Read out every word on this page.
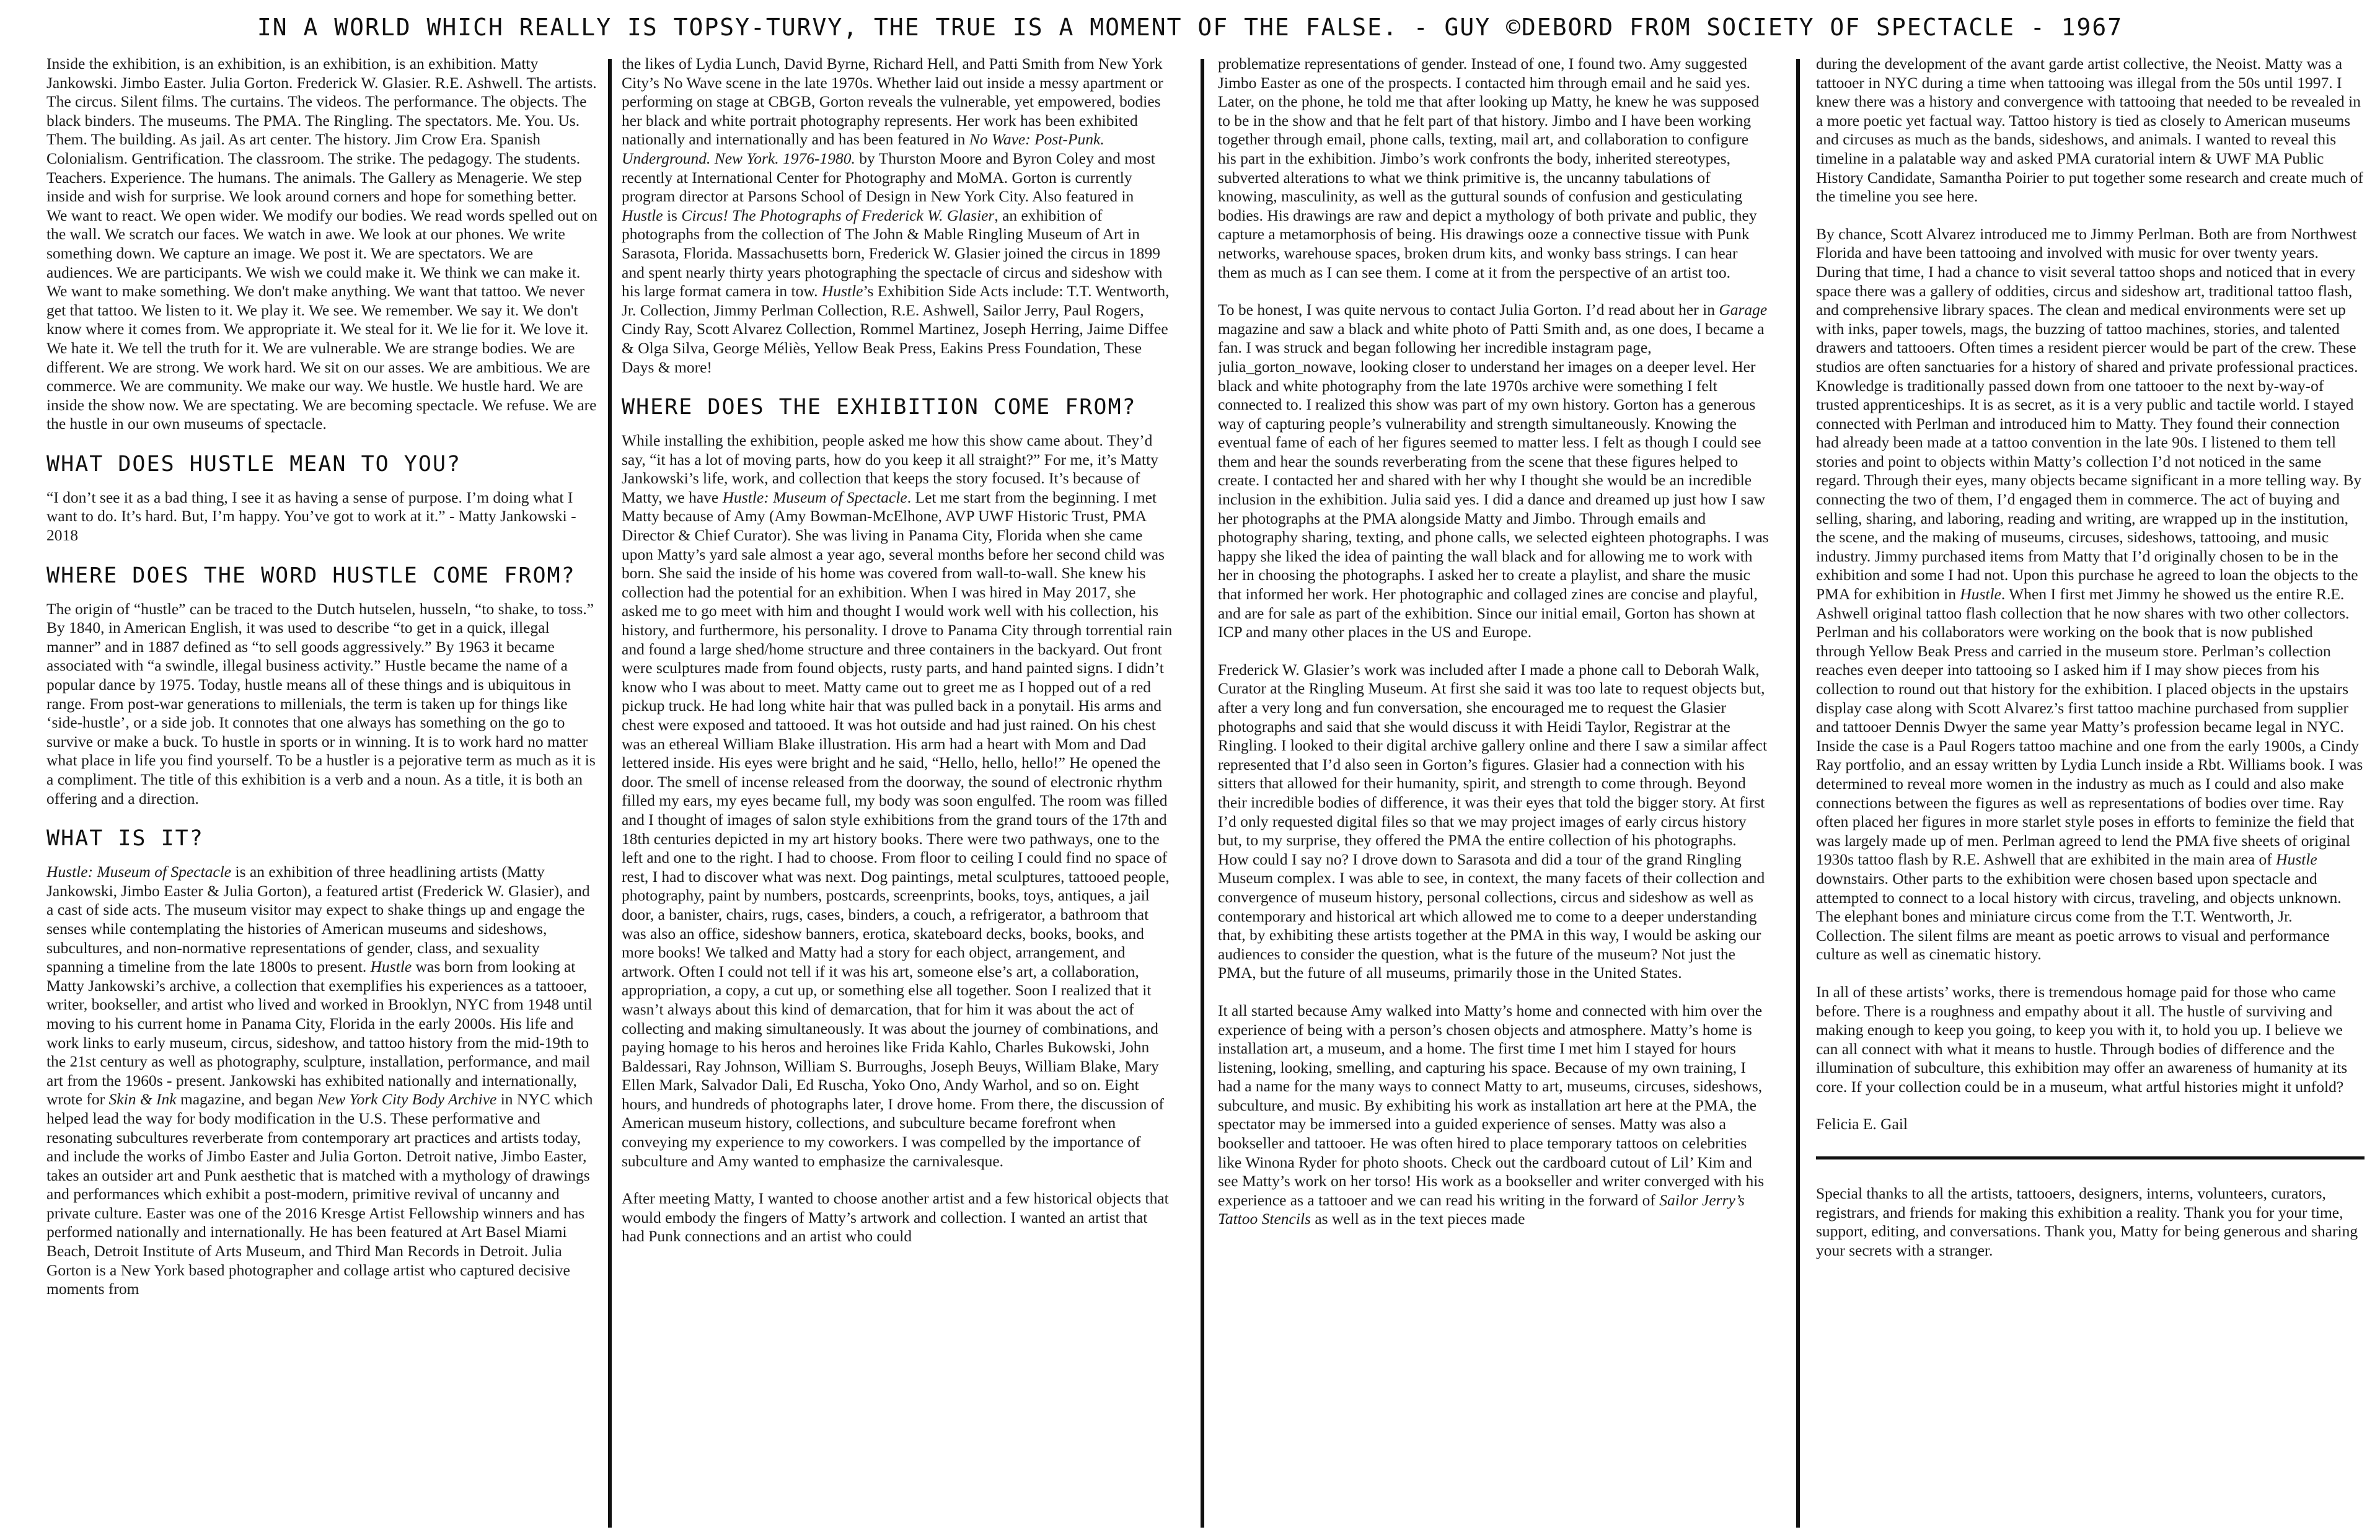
IN A WORLD WHICH REALLY IS TOPSY-TURVY, THE TRUE IS A MOMENT OF THE FALSE. - GUY ©DEBORD FROM SOCIETY OF SPECTACLE - 1967

Inside the exhibition, is an exhibition, is an exhibition, is an exhibition. Matty Jankowski. Jimbo Easter. Julia Gorton. Frederick W. Glasier. R.E. Ashwell. The artists. The circus. Silent films. The curtains. The videos. The performance. The objects. The black binders. The museums. The PMA. The Ringling. The spectators. Me. You. Us. Them. The building. As jail. As art center. The history. Jim Crow Era. Spanish Colonialism. Gentrification. The classroom. The strike. The pedagogy. The students. Teachers. Experience. The humans. The animals. The Gallery as Menagerie. We step inside and wish for surprise. We look around corners and hope for something better. We want to react. We open wider. We modify our bodies. We read words spelled out on the wall. We scratch our faces. We watch in awe. We look at our phones. We write something down. We capture an image. We post it. We are spectators. We are audiences. We are participants. We wish we could make it. We think we can make it. We want to make something. We don't make anything. We want that tattoo. We never get that tattoo. We listen to it. We play it. We see. We remember. We say it. We don't know where it comes from. We appropriate it. We steal for it. We lie for it. We love it. We hate it. We tell the truth for it. We are vulnerable. We are strange bodies. We are different. We are strong. We work hard. We sit on our asses. We are ambitious. We are commerce. We are community. We make our way. We hustle. We hustle hard. We are inside the show now. We are spectating. We are becoming spectacle. We refuse. We are the hustle in our own museums of spectacle.

WHAT DOES HUSTLE MEAN TO YOU?

“I don’t see it as a bad thing, I see it as having a sense of purpose. I’m doing what I want to do. It’s hard. But, I’m happy. You’ve got to work at it.” - Matty Jankowski - 2018

WHERE DOES THE WORD HUSTLE COME FROM?

The origin of “hustle” can be traced to the Dutch hutselen, husseln, “to shake, to toss.” By 1840, in American English, it was used to describe “to get in a quick, illegal manner” and in 1887 defined as “to sell goods aggressively.” By 1963 it became associated with “a swindle, illegal business activity.” Hustle became the name of a popular dance by 1975. Today, hustle means all of these things and is ubiquitous in range. From post-war generations to millenials, the term is taken up for things like ‘side-hustle’, or a side job. It connotes that one always has something on the go to survive or make a buck. To hustle in sports or in winning. It is to work hard no matter what place in life you find yourself. To be a hustler is a pejorative term as much as it is a compliment. The title of this exhibition is a verb and a noun. As a title, it is both an offering and a direction.

WHAT IS IT?

Hustle: Museum of Spectacle is an exhibition of three headlining artists (Matty Jankowski, Jimbo Easter & Julia Gorton), a featured artist (Frederick W. Glasier), and a cast of side acts. The museum visitor may expect to shake things up and engage the senses while contemplating the histories of American museums and sideshows, subcultures, and non-normative representations of gender, class, and sexuality spanning a timeline from the late 1800s to present. Hustle was born from looking at Matty Jankowski’s archive, a collection that exemplifies his experiences as a tattooer, writer, bookseller, and artist who lived and worked in Brooklyn, NYC from 1948 until moving to his current home in Panama City, Florida in the early 2000s. His life and work links to early museum, circus, sideshow, and tattoo history from the mid-19th to the 21st century as well as photography, sculpture, installation, performance, and mail art from the 1960s - present. Jankowski has exhibited nationally and internationally, wrote for Skin & Ink magazine, and began New York City Body Archive in NYC which helped lead the way for body modification in the U.S. These performative and resonating subcultures reverberate from contemporary art practices and artists today, and include the works of Jimbo Easter and Julia Gorton. Detroit native, Jimbo Easter, takes an outsider art and Punk aesthetic that is matched with a mythology of drawings and performances which exhibit a post-modern, primitive revival of uncanny and private culture. Easter was one of the 2016 Kresge Artist Fellowship winners and has performed nationally and internationally. He has been featured at Art Basel Miami Beach, Detroit Institute of Arts Museum, and Third Man Records in Detroit. Julia Gorton is a New York based photographer and collage artist who captured decisive moments from

the likes of Lydia Lunch, David Byrne, Richard Hell, and Patti Smith from New York City’s No Wave scene in the late 1970s. Whether laid out inside a messy apartment or performing on stage at CBGB, Gorton reveals the vulnerable, yet empowered, bodies her black and white portrait photography represents. Her work has been exhibited nationally and internationally and has been featured in No Wave: Post-Punk. Underground. New York. 1976-1980. by Thurston Moore and Byron Coley and most recently at International Center for Photography and MoMA. Gorton is currently program director at Parsons School of Design in New York City. Also featured in Hustle is Circus! The Photographs of Frederick W. Glasier, an exhibition of photographs from the collection of The John & Mable Ringling Museum of Art in Sarasota, Florida. Massachusetts born, Frederick W. Glasier joined the circus in 1899 and spent nearly thirty years photographing the spectacle of circus and sideshow with his large format camera in tow. Hustle’s Exhibition Side Acts include: T.T. Wentworth, Jr. Collection, Jimmy Perlman Collection, R.E. Ashwell, Sailor Jerry, Paul Rogers, Cindy Ray, Scott Alvarez Collection, Rommel Martinez, Joseph Herring, Jaime Diffee & Olga Silva, George Méliès, Yellow Beak Press, Eakins Press Foundation, These Days & more!

WHERE DOES THE EXHIBITION COME FROM?

While installing the exhibition, people asked me how this show came about. They’d say, “it has a lot of moving parts, how do you keep it all straight?” For me, it’s Matty Jankowski’s life, work, and collection that keeps the story focused. It’s because of Matty, we have Hustle: Museum of Spectacle. Let me start from the beginning. I met Matty because of Amy (Amy Bowman-McElhone, AVP UWF Historic Trust, PMA Director & Chief Curator). She was living in Panama City, Florida when she came upon Matty’s yard sale almost a year ago, several months before her second child was born. She said the inside of his home was covered from wall-to-wall. She knew his collection had the potential for an exhibition. When I was hired in May 2017, she asked me to go meet with him and thought I would work well with his collection, his history, and furthermore, his personality. I drove to Panama City through torrential rain and found a large shed/home structure and three containers in the backyard. Out front were sculptures made from found objects, rusty parts, and hand painted signs. I didn’t know who I was about to meet. Matty came out to greet me as I hopped out of a red pickup truck. He had long white hair that was pulled back in a ponytail. His arms and chest were exposed and tattooed. It was hot outside and had just rained. On his chest was an ethereal William Blake illustration. His arm had a heart with Mom and Dad lettered inside. His eyes were bright and he said, “Hello, hello, hello!” He opened the door. The smell of incense released from the doorway, the sound of electronic rhythm filled my ears, my eyes became full, my body was soon engulfed. The room was filled and I thought of images of salon style exhibitions from the grand tours of the 17th and 18th centuries depicted in my art history books. There were two pathways, one to the left and one to the right. I had to choose. From floor to ceiling I could find no space of rest, I had to discover what was next. Dog paintings, metal sculptures, tattooed people, photography, paint by numbers, postcards, screenprints, books, toys, antiques, a jail door, a banister, chairs, rugs, cases, binders, a couch, a refrigerator, a bathroom that was also an office, sideshow banners, erotica, skateboard decks, books, books, and more books! We talked and Matty had a story for each object, arrangement, and artwork. Often I could not tell if it was his art, someone else’s art, a collaboration, appropriation, a copy, a cut up, or something else all together. Soon I realized that it wasn’t always about this kind of demarcation, that for him it was about the act of collecting and making simultaneously. It was about the journey of combinations, and paying homage to his heros and heroines like Frida Kahlo, Charles Bukowski, John Baldessari, Ray Johnson, William S. Burroughs, Joseph Beuys, William Blake, Mary Ellen Mark, Salvador Dali, Ed Ruscha, Yoko Ono, Andy Warhol, and so on. Eight hours, and hundreds of photographs later, I drove home. From there, the discussion of American museum history, collections, and subculture became forefront when conveying my experience to my coworkers. I was compelled by the importance of subculture and Amy wanted to emphasize the carnivalesque.

After meeting Matty, I wanted to choose another artist and a few historical objects that would embody the fingers of Matty’s artwork and collection. I wanted an artist that had Punk connections and an artist who could

problematize representations of gender. Instead of one, I found two. Amy suggested Jimbo Easter as one of the prospects. I contacted him through email and he said yes. Later, on the phone, he told me that after looking up Matty, he knew he was supposed to be in the show and that he felt part of that history. Jimbo and I have been working together through email, phone calls, texting, mail art, and collaboration to configure his part in the exhibition. Jimbo’s work confronts the body, inherited stereotypes, subverted alterations to what we think primitive is, the uncanny tabulations of knowing, masculinity, as well as the guttural sounds of confusion and gesticulating bodies. His drawings are raw and depict a mythology of both private and public, they capture a metamorphosis of being. His drawings ooze a connective tissue with Punk networks, warehouse spaces, broken drum kits, and wonky bass strings. I can hear them as much as I can see them. I come at it from the perspective of an artist too.

To be honest, I was quite nervous to contact Julia Gorton. I’d read about her in Garage magazine and saw a black and white photo of Patti Smith and, as one does, I became a fan. I was struck and began following her incredible instagram page, julia_gorton_nowave, looking closer to understand her images on a deeper level. Her black and white photography from the late 1970s archive were something I felt connected to. I realized this show was part of my own history. Gorton has a generous way of capturing people’s vulnerability and strength simultaneously. Knowing the eventual fame of each of her figures seemed to matter less. I felt as though I could see them and hear the sounds reverberating from the scene that these figures helped to create. I contacted her and shared with her why I thought she would be an incredible inclusion in the exhibition. Julia said yes. I did a dance and dreamed up just how I saw her photographs at the PMA alongside Matty and Jimbo. Through emails and photography sharing, texting, and phone calls, we selected eighteen photographs. I was happy she liked the idea of painting the wall black and for allowing me to work with her in choosing the photographs. I asked her to create a playlist, and share the music that informed her work. Her photographic and collaged zines are concise and playful, and are for sale as part of the exhibition. Since our initial email, Gorton has shown at ICP and many other places in the US and Europe.

Frederick W. Glasier’s work was included after I made a phone call to Deborah Walk, Curator at the Ringling Museum. At first she said it was too late to request objects but, after a very long and fun conversation, she encouraged me to request the Glasier photographs and said that she would discuss it with Heidi Taylor, Registrar at the Ringling. I looked to their digital archive gallery online and there I saw a similar affect represented that I’d also seen in Gorton’s figures. Glasier had a connection with his sitters that allowed for their humanity, spirit, and strength to come through. Beyond their incredible bodies of difference, it was their eyes that told the bigger story. At first I’d only requested digital files so that we may project images of early circus history but, to my surprise, they offered the PMA the entire collection of his photographs. How could I say no? I drove down to Sarasota and did a tour of the grand Ringling Museum complex. I was able to see, in context, the many facets of their collection and convergence of museum history, personal collections, circus and sideshow as well as contemporary and historical art which allowed me to come to a deeper understanding that, by exhibiting these artists together at the PMA in this way, I would be asking our audiences to consider the question, what is the future of the museum? Not just the PMA, but the future of all museums, primarily those in the United States.

It all started because Amy walked into Matty’s home and connected with him over the experience of being with a person’s chosen objects and atmosphere. Matty’s home is installation art, a museum, and a home. The first time I met him I stayed for hours listening, looking, smelling, and capturing his space. Because of my own training, I had a name for the many ways to connect Matty to art, museums, circuses, sideshows, subculture, and music. By exhibiting his work as installation art here at the PMA, the spectator may be immersed into a guided experience of senses. Matty was also a bookseller and tattooer. He was often hired to place temporary tattoos on celebrities like Winona Ryder for photo shoots. Check out the cardboard cutout of Lil’ Kim and see Matty’s work on her torso! His work as a bookseller and writer converged with his experience as a tattooer and we can read his writing in the forward of Sailor Jerry’s Tattoo Stencils as well as in the text pieces made

during the development of the avant garde artist collective, the Neoist. Matty was a tattooer in NYC during a time when tattooing was illegal from the 50s until 1997. I knew there was a history and convergence with tattooing that needed to be revealed in a more poetic yet factual way. Tattoo history is tied as closely to American museums and circuses as much as the bands, sideshows, and animals. I wanted to reveal this timeline in a palatable way and asked PMA curatorial intern & UWF MA Public History Candidate, Samantha Poirier to put together some research and create much of the timeline you see here.

By chance, Scott Alvarez introduced me to Jimmy Perlman. Both are from Northwest Florida and have been tattooing and involved with music for over twenty years. During that time, I had a chance to visit several tattoo shops and noticed that in every space there was a gallery of oddities, circus and sideshow art, traditional tattoo flash, and comprehensive library spaces. The clean and medical environments were set up with inks, paper towels, mags, the buzzing of tattoo machines, stories, and talented drawers and tattooers. Often times a resident piercer would be part of the crew. These studios are often sanctuaries for a history of shared and private professional practices. Knowledge is traditionally passed down from one tattooer to the next by-way-of trusted apprenticeships. It is as secret, as it is a very public and tactile world. I stayed connected with Perlman and introduced him to Matty. They found their connection had already been made at a tattoo convention in the late 90s. I listened to them tell stories and point to objects within Matty’s collection I’d not noticed in the same regard. Through their eyes, many objects became significant in a more telling way. By connecting the two of them, I’d engaged them in commerce. The act of buying and selling, sharing, and laboring, reading and writing, are wrapped up in the institution, the scene, and the making of museums, circuses, sideshows, tattooing, and music industry. Jimmy purchased items from Matty that I’d originally chosen to be in the exhibition and some I had not. Upon this purchase he agreed to loan the objects to the PMA for exhibition in Hustle. When I first met Jimmy he showed us the entire R.E. Ashwell original tattoo flash collection that he now shares with two other collectors. Perlman and his collaborators were working on the book that is now published through Yellow Beak Press and carried in the museum store. Perlman’s collection reaches even deeper into tattooing so I asked him if I may show pieces from his collection to round out that history for the exhibition. I placed objects in the upstairs display case along with Scott Alvarez’s first tattoo machine purchased from supplier and tattooer Dennis Dwyer the same year Matty’s profession became legal in NYC. Inside the case is a Paul Rogers tattoo machine and one from the early 1900s, a Cindy Ray portfolio, and an essay written by Lydia Lunch inside a Rbt. Williams book. I was determined to reveal more women in the industry as much as I could and also make connections between the figures as well as representations of bodies over time. Ray often placed her figures in more starlet style poses in efforts to feminize the field that was largely made up of men. Perlman agreed to lend the PMA five sheets of original 1930s tattoo flash by R.E. Ashwell that are exhibited in the main area of Hustle downstairs. Other parts to the exhibition were chosen based upon spectacle and attempted to connect to a local history with circus, traveling, and objects unknown. The elephant bones and miniature circus come from the T.T. Wentworth, Jr. Collection. The silent films are meant as poetic arrows to visual and performance culture as well as cinematic history.

In all of these artists’ works, there is tremendous homage paid for those who came before. There is a roughness and empathy about it all. The hustle of surviving and making enough to keep you going, to keep you with it, to hold you up. I believe we can all connect with what it means to hustle. Through bodies of difference and the illumination of subculture, this exhibition may offer an awareness of humanity at its core. If your collection could be in a museum, what artful histories might it unfold?

Felicia E. Gail

Special thanks to all the artists, tattooers, designers, interns, volunteers, curators, registrars, and friends for making this exhibition a reality. Thank you for your time, support, editing, and conversations. Thank you, Matty for being generous and sharing your secrets with a stranger.
